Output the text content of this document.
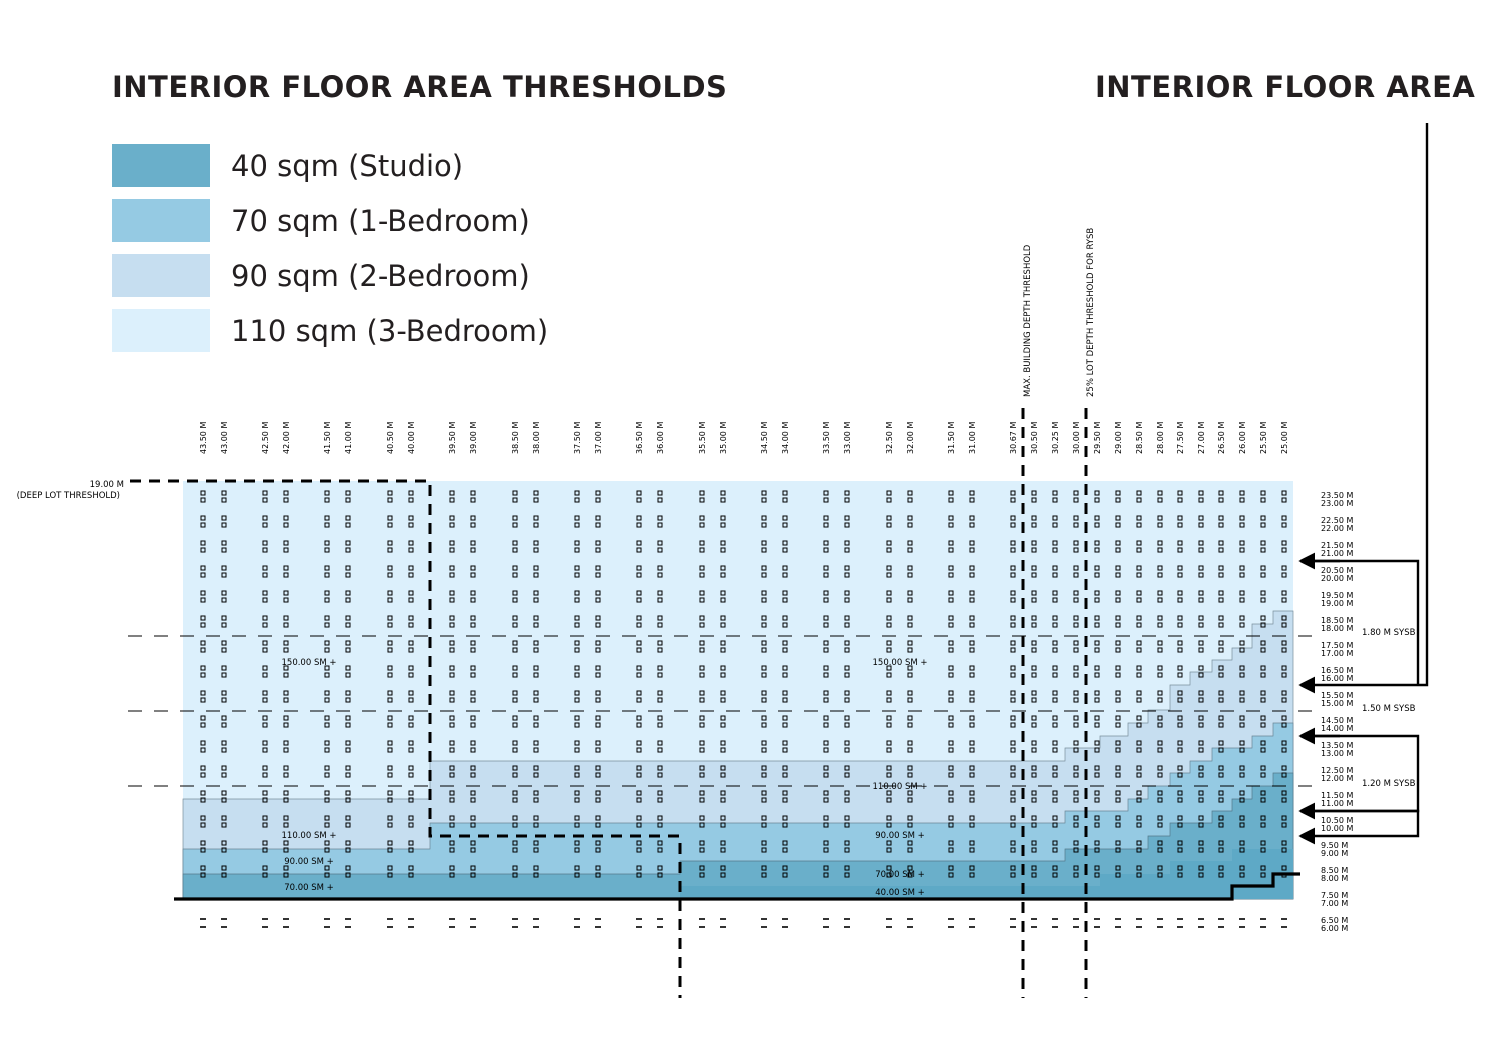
INTERIOR FLOOR AREA THRESHOLDS	INTERIOR FLOOR AREA
40 sqm (Studio)
70 sqm (1-Bedroom)
90 sqm (2-Bedroom)
110 sqm (3-Bedroom)
19.00 M
(DEEP LOT THRESHOLD)
MAX. BUILDING DEPTH THRESHOLD	25% LOT DEPTH THRESHOLD FOR RYSB
150.00 SM +	150.00 SM +
110.00 SM +
110.00 SM +
90.00 SM +
90.00 SM +
70.00 SM +
70.00 SM +
40.00 SM +
43.50 M 43.00 M	42.50 M 42.00 M	41.50 M 41.00 M	40.50 M 40.00 M	39.50 M 39.00 M	38.50 M 38.00 M	37.50 M 37.00 M	36.50 M 36.00 M	35.50 M 35.00 M	34.50 M 34.00 M	33.50 M 33.00 M	32.50 M 32.00 M	31.50 M 31.00 M	30.67 M 30.50 M 30.25 M 30.00 M 29.50 M 29.00 M 28.50 M 28.00 M 27.50 M 27.00 M 26.50 M 26.00 M 25.50 M 25.00 M
23.50 M
23.00 M
22.50 M
22.00 M
21.50 M
21.00 M
20.50 M
20.00 M
19.50 M
19.00 M
18.50 M
18.00 M
17.50 M
17.00 M
16.50 M
16.00 M
15.50 M
15.00 M
14.50 M
14.00 M
13.50 M
13.00 M
12.50 M
12.00 M
11.50 M
11.00 M
10.50 M
10.00 M
9.50 M
9.00 M
8.50 M
8.00 M
7.50 M
7.00 M
6.50 M
6.00 M
1.80 M SYSB
1.50 M SYSB
1.20 M SYSB
